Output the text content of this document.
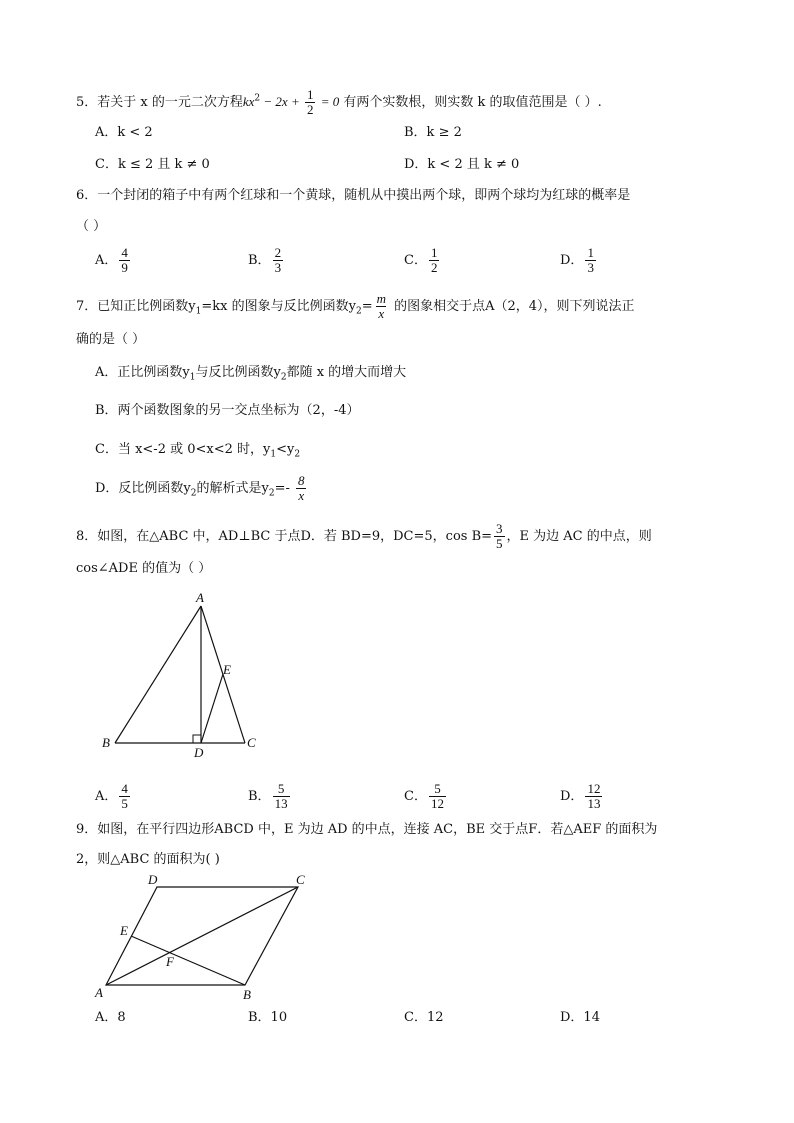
5．若关于 x 的一元二次方程$kx^2 - 2x + \frac{1}{2} = 0$ 有两个实数根，则实数 k 的取值范围是（ ）.
A．k < 2	B．k ≥ 2
C．k ≤ 2 且 k ≠ 0	D．k < 2 且 k ≠ 0
6．一个封闭的箱子中有两个红球和一个黄球，随机从中摸出两个球，即两个球均为红球的概率是
（ ）
A． $\frac{4}{9}$	B． $\frac{2}{3}$	C． $\frac{1}{2}$	D． $\frac{1}{3}$
7．已知正比例函数$y_1=kx$ 的图象与反比例函数$y_2= \frac{m}{x}$ 的图象相交于点A（2，4），则下列说法正
确的是（ ）
A．正比例函数$y_1$与反比例函数$y_2$都随 x 的增大而增大
B．两个函数图象的另一交点坐标为（2，-4）
C．当 x<-2 或 0<x<2 时，$y_1<y_2$
D．反比例函数$y_2$的解析式是$y_2=- \frac{8}{x}$
8．如图，在△ABC 中，AD⊥BC 于点D．若 BD=9，DC=5，$\cos B= \frac{3}{5}$ ，E 为边 AC 的中点，则
cos∠ADE 的值为（ ）
A
B	C
D
E
A． $\frac{4}{5}$	B． $\frac{5}{13}$	C． $\frac{5}{12}$	D． $\frac{12}{13}$
9．如图，在平行四边形ABCD 中，E 为边 AD 的中点，连接 AC，BE 交于点F．若△AEF 的面积为
2，则△ABC 的面积为( )
A	B
C
D
E
F
A．8	B．10	C．12	D．14
